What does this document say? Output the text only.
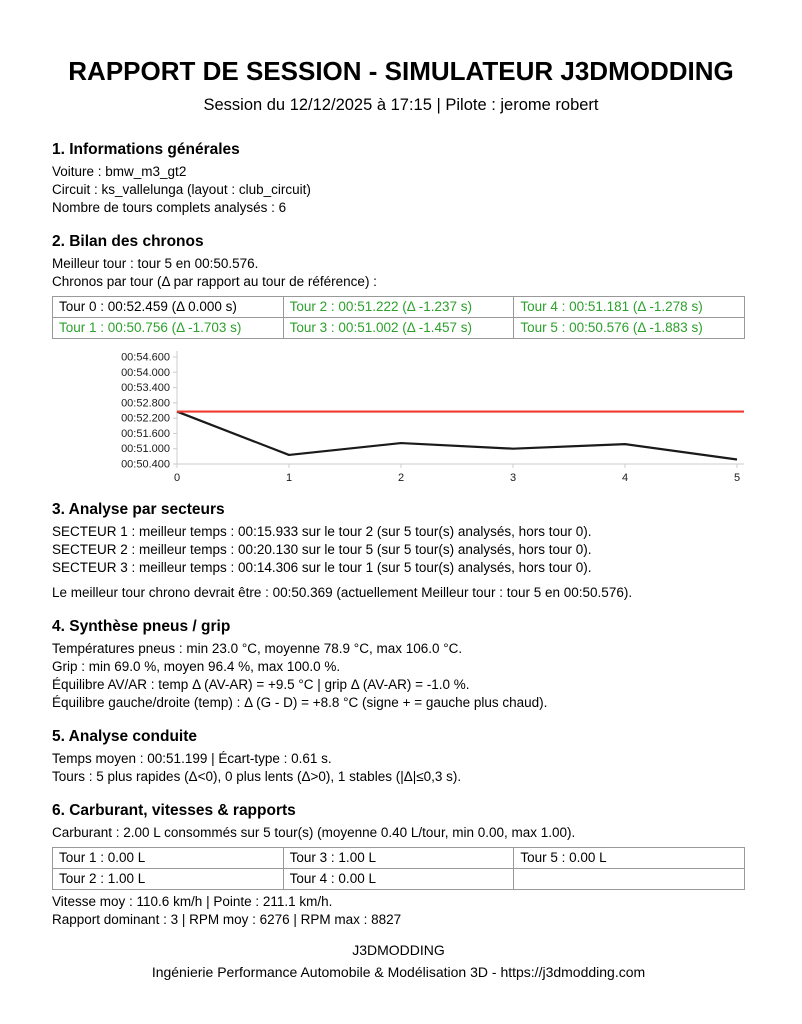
RAPPORT DE SESSION - SIMULATEUR J3DMODDING
Session du 12/12/2025 à 17:15 | Pilote : jerome robert
1. Informations générales

Voiture : bmw_m3_gt2

Circuit : ks_vallelunga (layout : club_circuit)

Nombre de tours complets analysés : 6

2. Bilan des chronos

Meilleur tour : tour 5 en 00:50.576.

Chronos par tour (Δ par rapport au tour de référence) :

Tour 0 : 00:52.459 (Δ 0.000 s)	Tour 2 : 00:51.222 (Δ -1.237 s)	Tour 4 : 00:51.181 (Δ -1.278 s)
Tour 1 : 00:50.756 (Δ -1.703 s)	Tour 3 : 00:51.002 (Δ -1.457 s)	Tour 5 : 00:50.576 (Δ -1.883 s)
00:50.400
00:51.000
00:51.600
00:52.200
00:52.800
00:53.400
00:54.000
00:54.600
0	1	2	3	4	5
3. Analyse par secteurs

SECTEUR 1 : meilleur temps : 00:15.933 sur le tour 2 (sur 5 tour(s) analysés, hors tour 0).

SECTEUR 2 : meilleur temps : 00:20.130 sur le tour 5 (sur 5 tour(s) analysés, hors tour 0).

SECTEUR 3 : meilleur temps : 00:14.306 sur le tour 1 (sur 5 tour(s) analysés, hors tour 0).

Le meilleur tour chrono devrait être : 00:50.369 (actuellement Meilleur tour : tour 5 en 00:50.576).

4. Synthèse pneus / grip

Températures pneus : min 23.0 °C, moyenne 78.9 °C, max 106.0 °C.

Grip : min 69.0 %, moyen 96.4 %, max 100.0 %.

Équilibre AV/AR : temp Δ (AV-AR) = +9.5 °C | grip Δ (AV-AR) = -1.0 %.

Équilibre gauche/droite (temp) : Δ (G - D) = +8.8 °C (signe + = gauche plus chaud).

5. Analyse conduite

Temps moyen : 00:51.199 | Écart-type : 0.61 s.

Tours : 5 plus rapides (Δ<0), 0 plus lents (Δ>0), 1 stables (|Δ|≤0,3 s).

6. Carburant, vitesses & rapports

Carburant : 2.00 L consommés sur 5 tour(s) (moyenne 0.40 L/tour, min 0.00, max 1.00).

Tour 1 : 0.00 L	Tour 3 : 1.00 L	Tour 5 : 0.00 L
Tour 2 : 1.00 L	Tour 4 : 0.00 L	

Vitesse moy : 110.6 km/h | Pointe : 211.1 km/h.

Rapport dominant : 3 | RPM moy : 6276 | RPM max : 8827

J3DMODDING

Ingénierie Performance Automobile & Modélisation 3D - https://j3dmodding.com
